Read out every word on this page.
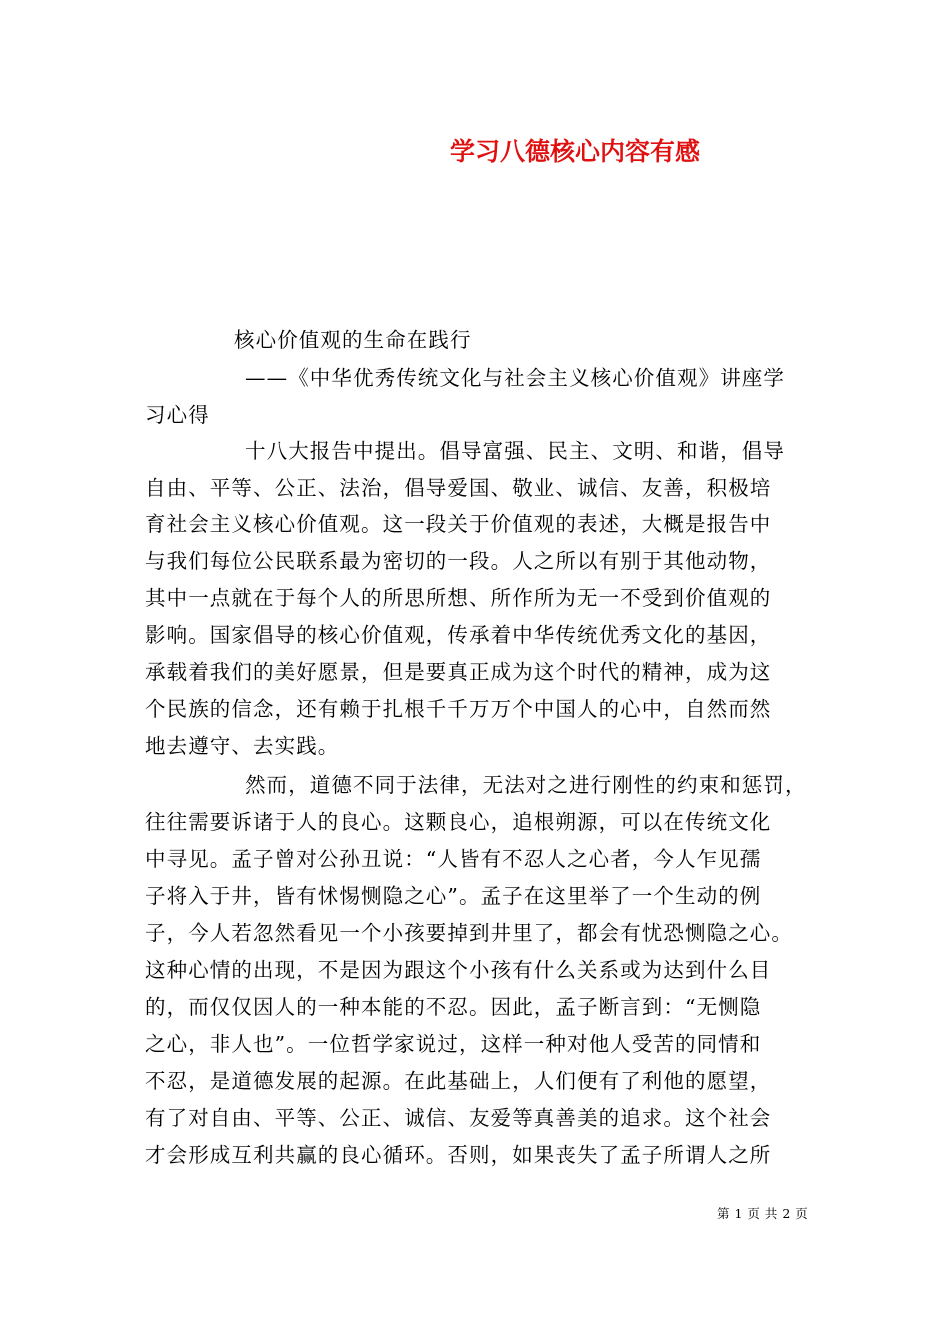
学习八德核心内容有感
核心价值观的生命在践行
——《中华优秀传统文化与社会主义核心价值观》讲座学
习心得
十八大报告中提出。倡导富强、民主、文明、和谐，倡导
自由、平等、公正、法治，倡导爱国、敬业、诚信、友善，积极培
育社会主义核心价值观。这一段关于价值观的表述，大概是报告中
与我们每位公民联系最为密切的一段。人之所以有别于其他动物，
其中一点就在于每个人的所思所想、所作所为无一不受到价值观的
影响。国家倡导的核心价值观，传承着中华传统优秀文化的基因，
承载着我们的美好愿景，但是要真正成为这个时代的精神，成为这
个民族的信念，还有赖于扎根千千万万个中国人的心中，自然而然
地去遵守、去实践。
然而，道德不同于法律，无法对之进行刚性的约束和惩罚，
往往需要诉诸于人的良心。这颗良心，追根朔源，可以在传统文化
中寻见。孟子曾对公孙丑说：“人皆有不忍人之心者，今人乍见孺
子将入于井，皆有怵惕恻隐之心”。孟子在这里举了一个生动的例
子，今人若忽然看见一个小孩要掉到井里了，都会有忧恐恻隐之心。
这种心情的出现，不是因为跟这个小孩有什么关系或为达到什么目
的，而仅仅因人的一种本能的不忍。因此，孟子断言到：“无恻隐
之心，非人也”。一位哲学家说过，这样一种对他人受苦的同情和
不忍，是道德发展的起源。在此基础上，人们便有了利他的愿望，
有了对自由、平等、公正、诚信、友爱等真善美的追求。这个社会
才会形成互利共赢的良心循环。否则，如果丧失了孟子所谓人之所
第 1 页 共 2 页
